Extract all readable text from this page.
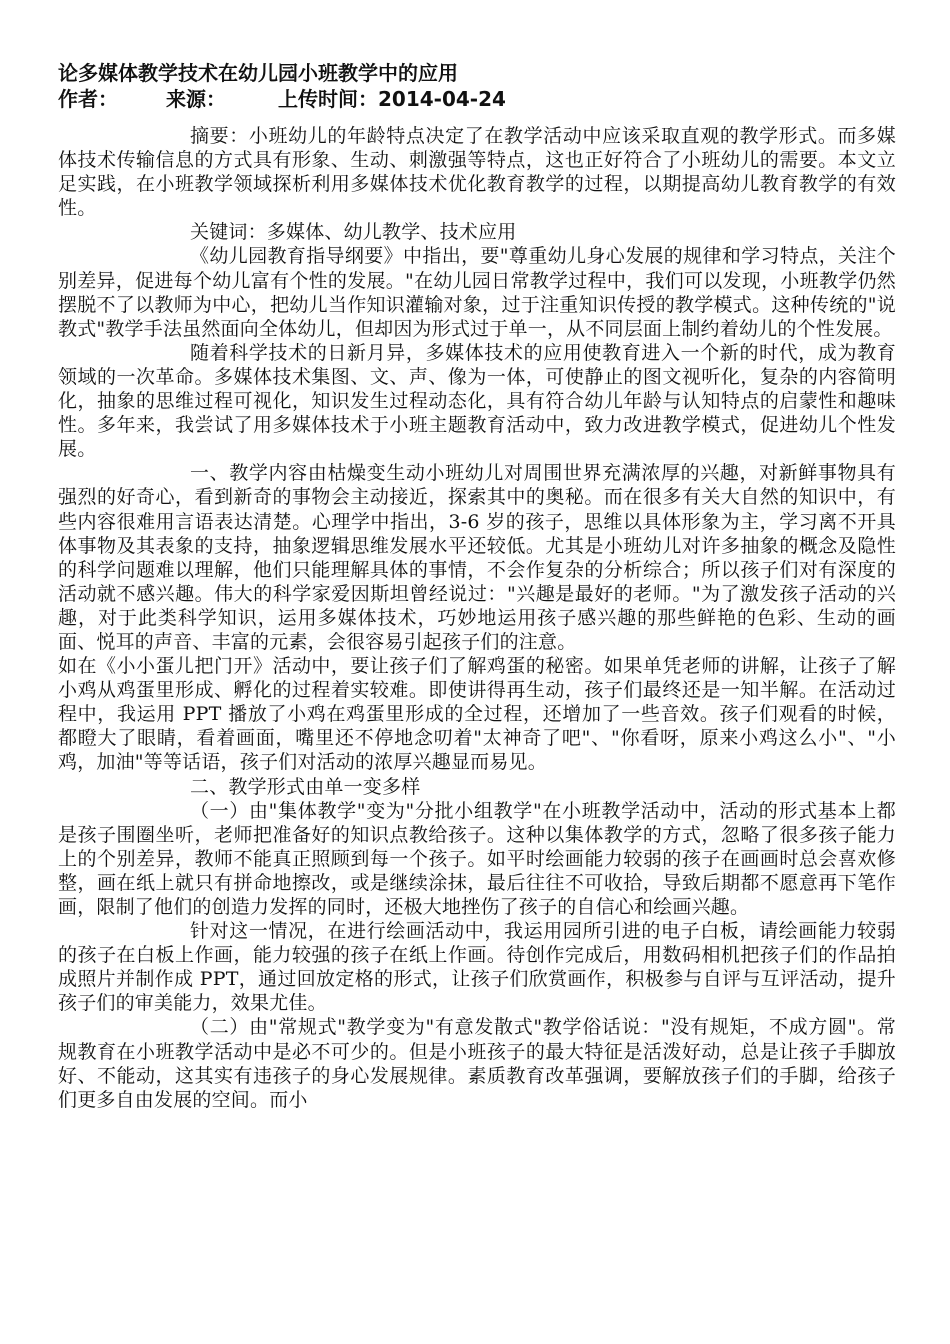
论多媒体教学技术在幼儿园小班教学中的应用
作者： 来源：	上传时间：2014-04-24

摘要：小班幼儿的年龄特点决定了在教学活动中应该采取直观的教学形式。而多媒体技术传输信息的方式具有形象、生动、刺激强等特点，这也正好符合了小班幼儿的需要。本文立足实践，在小班教学领域探析利用多媒体技术优化教育教学的过程，以期提高幼儿教育教学的有效性。

关键词：多媒体、幼儿教学、技术应用

《幼儿园教育指导纲要》中指出，要"尊重幼儿身心发展的规律和学习特点，关注个别差异，促进每个幼儿富有个性的发展。"在幼儿园日常教学过程中，我们可以发现，小班教学仍然摆脱不了以教师为中心，把幼儿当作知识灌输对象，过于注重知识传授的教学模式。这种传统的"说教式"教学手法虽然面向全体幼儿，但却因为形式过于单一，从不同层面上制约着幼儿的个性发展。

随着科学技术的日新月异，多媒体技术的应用使教育进入一个新的时代，成为教育领域的一次革命。多媒体技术集图、文、声、像为一体，可使静止的图文视听化，复杂的内容简明化，抽象的思维过程可视化，知识发生过程动态化，具有符合幼儿年龄与认知特点的启蒙性和趣味性。多年来，我尝试了用多媒体技术于小班主题教育活动中，致力改进教学模式，促进幼儿个性发展。

一、教学内容由枯燥变生动小班幼儿对周围世界充满浓厚的兴趣，对新鲜事物具有强烈的好奇心，看到新奇的事物会主动接近，探索其中的奥秘。而在很多有关大自然的知识中，有些内容很难用言语表达清楚。心理学中指出，3-6 岁的孩子，思维以具体形象为主，学习离不开具体事物及其表象的支持，抽象逻辑思维发展水平还较低。尤其是小班幼儿对许多抽象的概念及隐性的科学问题难以理解，他们只能理解具体的事情，不会作复杂的分析综合；所以孩子们对有深度的活动就不感兴趣。伟大的科学家爱因斯坦曾经说过："兴趣是最好的老师。"为了激发孩子活动的兴趣，对于此类科学知识，运用多媒体技术，巧妙地运用孩子感兴趣的那些鲜艳的色彩、生动的画面、悦耳的声音、丰富的元素，会很容易引起孩子们的注意。

如在《小小蛋儿把门开》活动中，要让孩子们了解鸡蛋的秘密。如果单凭老师的讲解，让孩子了解小鸡从鸡蛋里形成、孵化的过程着实较难。即使讲得再生动，孩子们最终还是一知半解。在活动过程中，我运用 PPT 播放了小鸡在鸡蛋里形成的全过程，还增加了一些音效。孩子们观看的时候，都瞪大了眼睛，看着画面，嘴里还不停地念叨着"太神奇了吧"、"你看呀，原来小鸡这么小"、"小鸡，加油"等等话语，孩子们对活动的浓厚兴趣显而易见。

二、教学形式由单一变多样

（一）由"集体教学"变为"分批小组教学"在小班教学活动中，活动的形式基本上都是孩子围圈坐听，老师把准备好的知识点教给孩子。这种以集体教学的方式，忽略了很多孩子能力上的个别差异，教师不能真正照顾到每一个孩子。如平时绘画能力较弱的孩子在画画时总会喜欢修整，画在纸上就只有拼命地擦改，或是继续涂抹，最后往往不可收拾，导致后期都不愿意再下笔作画，限制了他们的创造力发挥的同时，还极大地挫伤了孩子的自信心和绘画兴趣。

针对这一情况，在进行绘画活动中，我运用园所引进的电子白板，请绘画能力较弱的孩子在白板上作画，能力较强的孩子在纸上作画。待创作完成后，用数码相机把孩子们的作品拍成照片并制作成 PPT，通过回放定格的形式，让孩子们欣赏画作，积极参与自评与互评活动，提升孩子们的审美能力，效果尤佳。

（二）由"常规式"教学变为"有意发散式"教学俗话说："没有规矩，不成方圆"。常规教育在小班教学活动中是必不可少的。但是小班孩子的最大特征是活泼好动，总是让孩子手脚放好、不能动，这其实有违孩子的身心发展规律。素质教育改革强调，要解放孩子们的手脚，给孩子们更多自由发展的空间。而小
